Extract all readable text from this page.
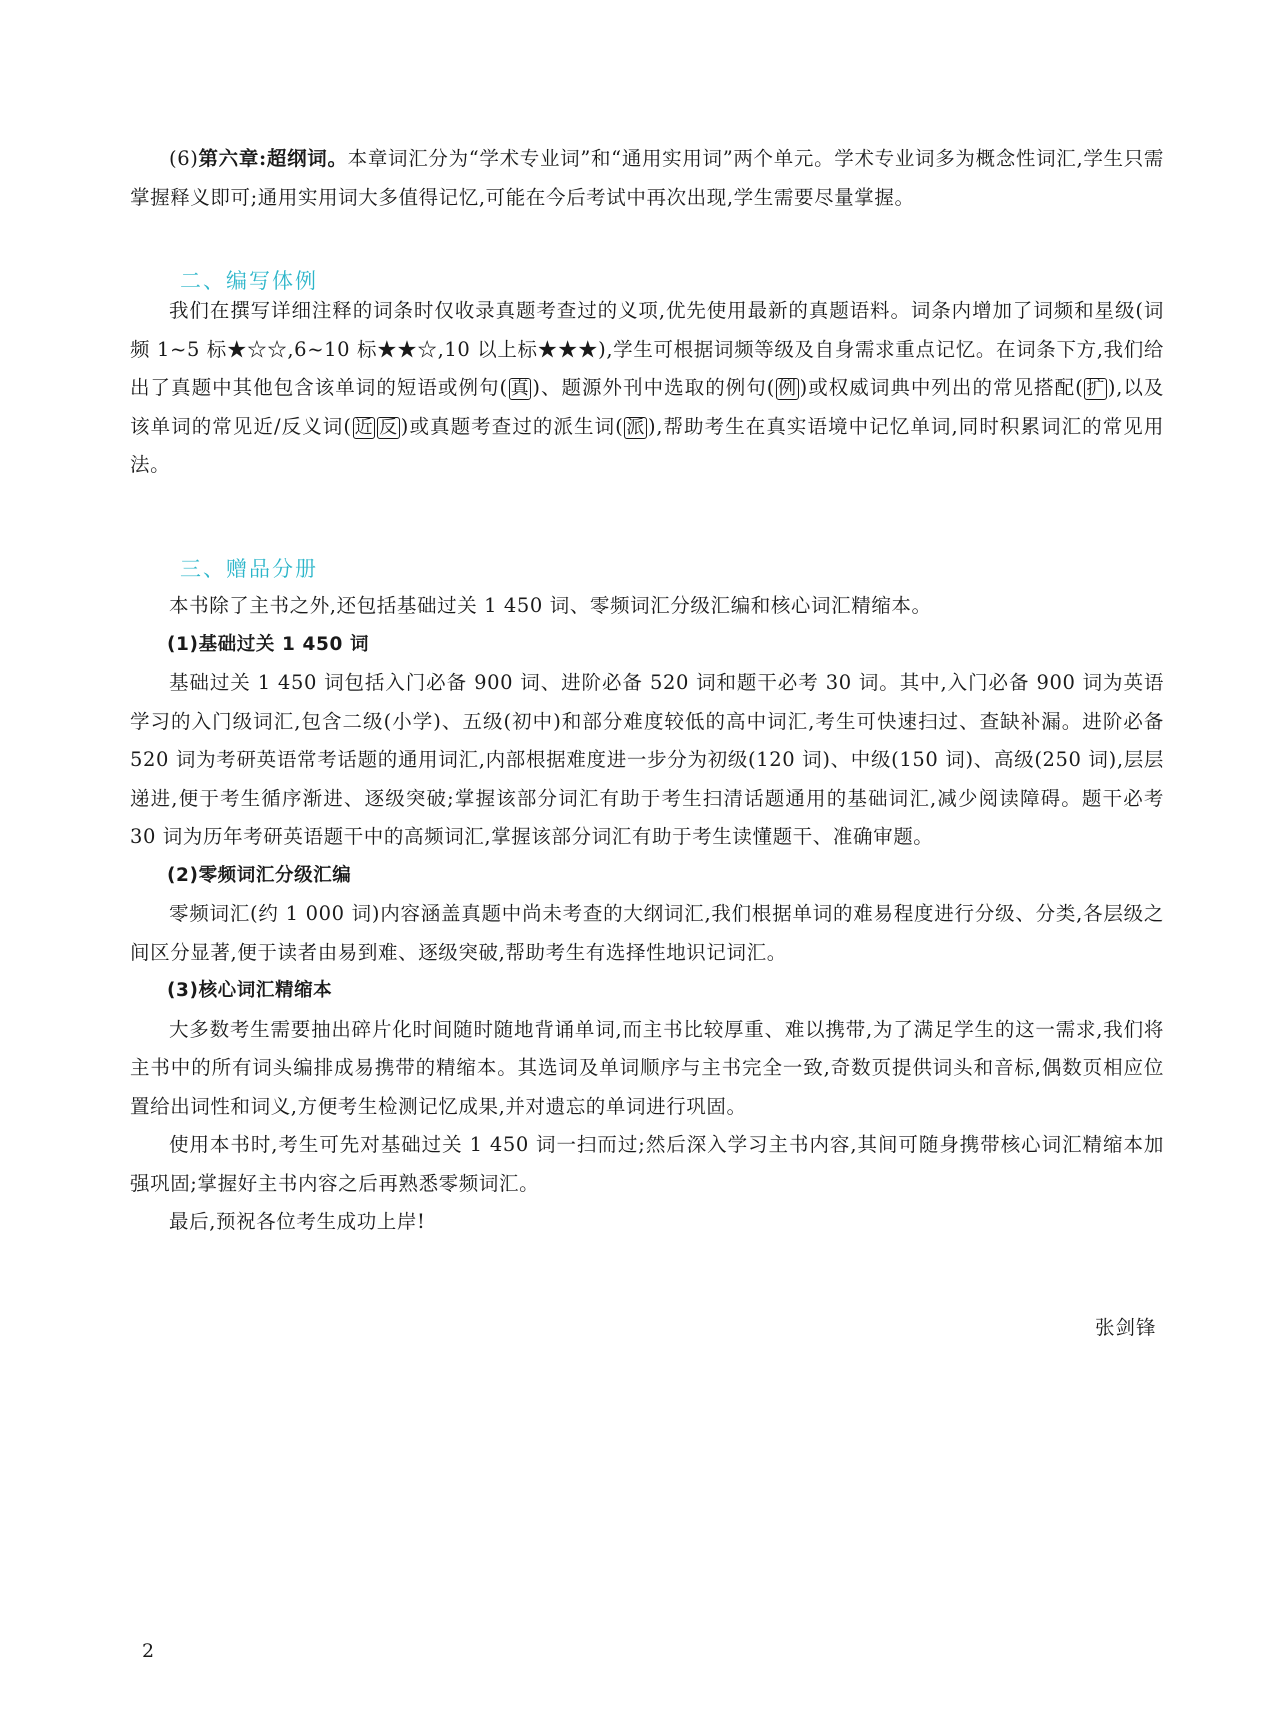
(6)第六章:超纲词。本章词汇分为“学术专业词”和“通用实用词”两个单元。学术专业词多为概念性词汇,学生只需掌握释义即可;通用实用词大多值得记忆,可能在今后考试中再次出现,学生需要尽量掌握。

二、编写体例

我们在撰写详细注释的词条时仅收录真题考查过的义项,优先使用最新的真题语料。词条内增加了词频和星级(词频 1~5 标★☆☆,6~10 标★★☆,10 以上标★★★),学生可根据词频等级及自身需求重点记忆。在词条下方,我们给出了真题中其他包含该单词的短语或例句( 真 )、题源外刊中选取的例句( 例 )或权威词典中列出的常见搭配( 扩 ),以及该单词的常见近/反义词( 近 反 )或真题考查过的派生词( 派 ),帮助考生在真实语境中记忆单词,同时积累词汇的常见用法。

三、赠品分册

本书除了主书之外,还包括基础过关 1 450 词、零频词汇分级汇编和核心词汇精缩本。

(1)基础过关 1 450 词

基础过关 1 450 词包括入门必备 900 词、进阶必备 520 词和题干必考 30 词。其中,入门必备 900 词为英语学习的入门级词汇,包含二级(小学)、五级(初中)和部分难度较低的高中词汇,考生可快速扫过、查缺补漏。进阶必备 520 词为考研英语常考话题的通用词汇,内部根据难度进一步分为初级(120 词)、中级(150 词)、高级(250 词),层层递进,便于考生循序渐进、逐级突破;掌握该部分词汇有助于考生扫清话题通用的基础词汇,减少阅读障碍。题干必考 30 词为历年考研英语题干中的高频词汇,掌握该部分词汇有助于考生读懂题干、准确审题。

(2)零频词汇分级汇编

零频词汇(约 1 000 词)内容涵盖真题中尚未考查的大纲词汇,我们根据单词的难易程度进行分级、分类,各层级之间区分显著,便于读者由易到难、逐级突破,帮助考生有选择性地识记词汇。

(3)核心词汇精缩本

大多数考生需要抽出碎片化时间随时随地背诵单词,而主书比较厚重、难以携带,为了满足学生的这一需求,我们将主书中的所有词头编排成易携带的精缩本。其选词及单词顺序与主书完全一致,奇数页提供词头和音标,偶数页相应位置给出词性和词义,方便考生检测记忆成果,并对遗忘的单词进行巩固。

使用本书时,考生可先对基础过关 1 450 词一扫而过;然后深入学习主书内容,其间可随身携带核心词汇精缩本加强巩固;掌握好主书内容之后再熟悉零频词汇。

最后,预祝各位考生成功上岸!

张剑锋
2
